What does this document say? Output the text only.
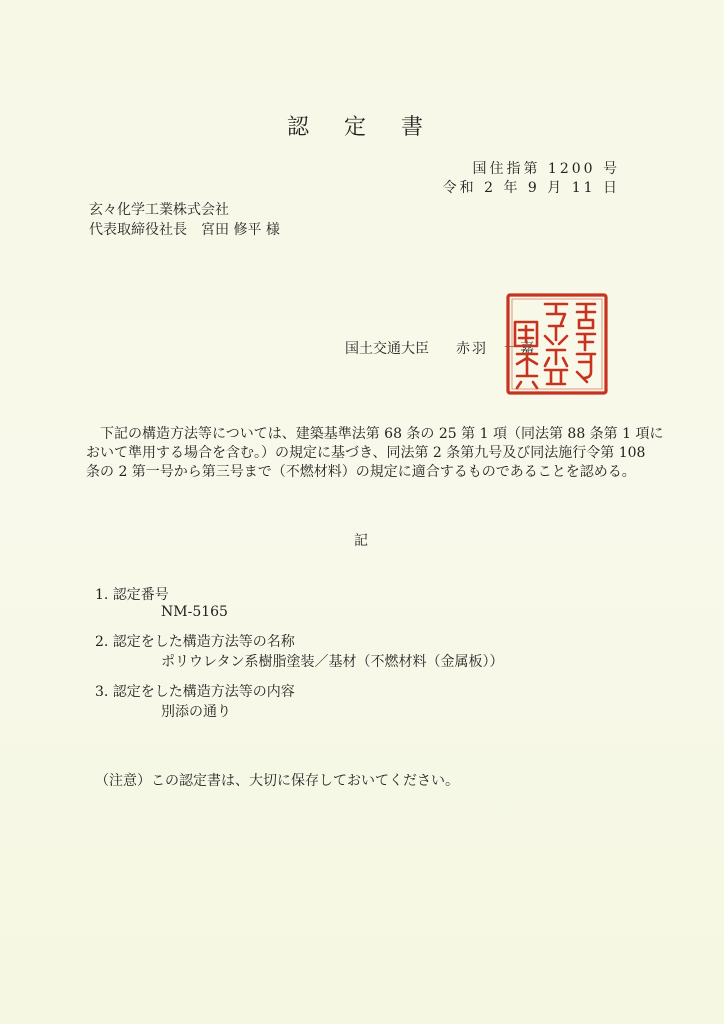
認 定 書
国住指第 1200 号
令和 2 年 9 月 11 日
玄々化学工業株式会社
代表取締役社長　宮田 修平 様
国土交通大臣 赤羽　一嘉
下記の構造方法等については、建築基準法第 68 条の 25 第 1 項（同法第 88 条第 1 項に
おいて準用する場合を含む。）の規定に基づき、同法第 2 条第九号及び同法施行令第 108
条の 2 第一号から第三号まで（不燃材料）の規定に適合するものであることを認める。
記
1. 認定番号
NM-5165
2. 認定をした構造方法等の名称
ポリウレタン系樹脂塗装／基材（不燃材料（金属板））
3. 認定をした構造方法等の内容
別添の通り
（注意）この認定書は、大切に保存しておいてください。
